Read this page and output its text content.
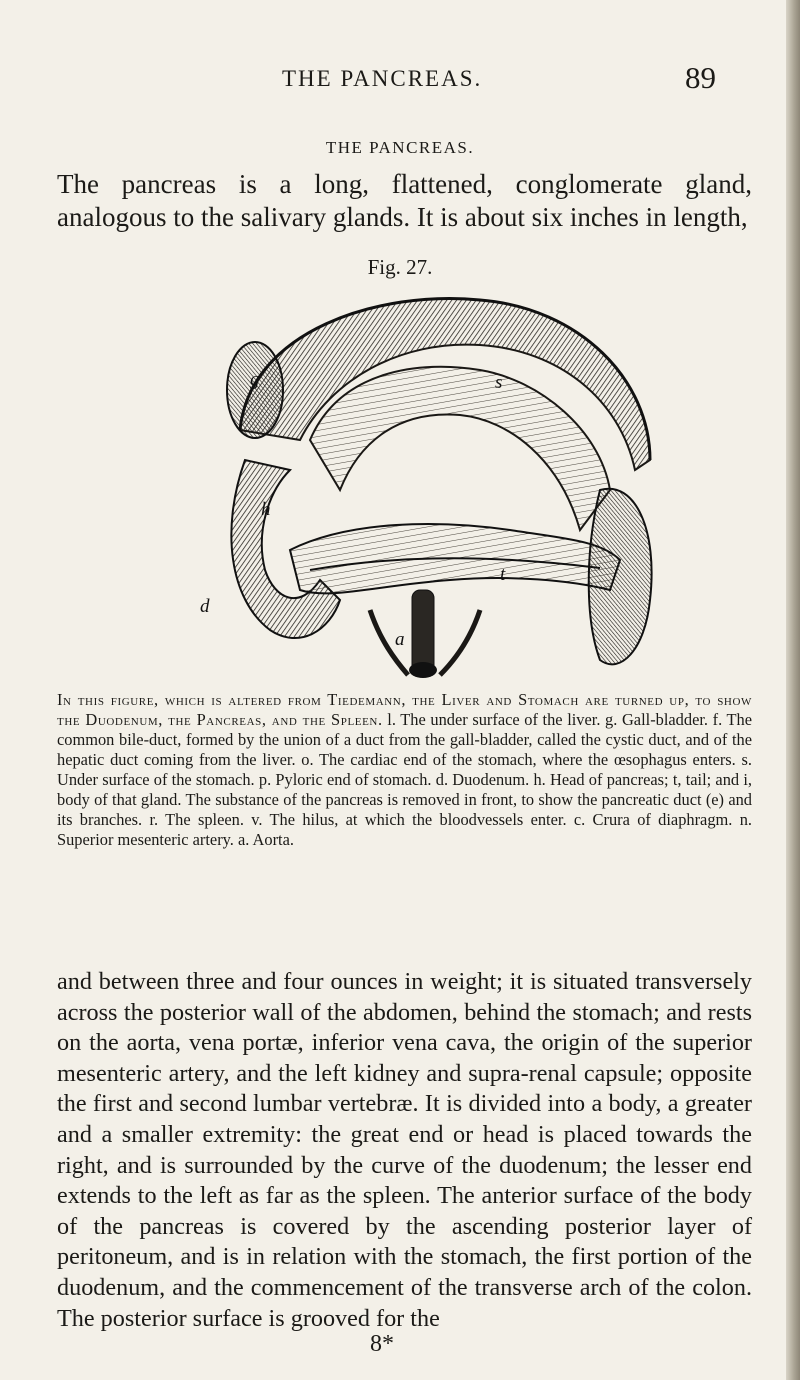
THE PANCREAS.	89
THE PANCREAS.

The pancreas is a long, flattened, conglomerate gland, analogous to the salivary glands. It is about six inches in length,

Fig. 27.
g	s
h
d
a
t

In this figure, which is altered from Tiedemann, the Liver and Stomach are turned up, to show the Duodenum, the Pancreas, and the Spleen. l. The under surface of the liver. g. Gall-bladder. f. The common bile-duct, formed by the union of a duct from the gall-bladder, called the cystic duct, and of the hepatic duct coming from the liver. o. The cardiac end of the stomach, where the œsophagus enters. s. Under surface of the stomach. p. Pyloric end of stomach. d. Duodenum. h. Head of pancreas; t, tail; and i, body of that gland. The substance of the pancreas is removed in front, to show the pancreatic duct (e) and its branches. r. The spleen. v. The hilus, at which the bloodvessels enter. c. Crura of diaphragm. n. Superior mesenteric artery. a. Aorta.

and between three and four ounces in weight; it is situated transversely across the posterior wall of the abdomen, behind the stomach; and rests on the aorta, vena portæ, inferior vena cava, the origin of the superior mesenteric artery, and the left kidney and supra-renal capsule; opposite the first and second lumbar vertebræ. It is divided into a body, a greater and a smaller extremity: the great end or head is placed towards the right, and is surrounded by the curve of the duodenum; the lesser end extends to the left as far as the spleen. The anterior surface of the body of the pancreas is covered by the ascending posterior layer of peritoneum, and is in relation with the stomach, the first portion of the duodenum, and the commencement of the transverse arch of the colon. The posterior surface is grooved for the

8*
